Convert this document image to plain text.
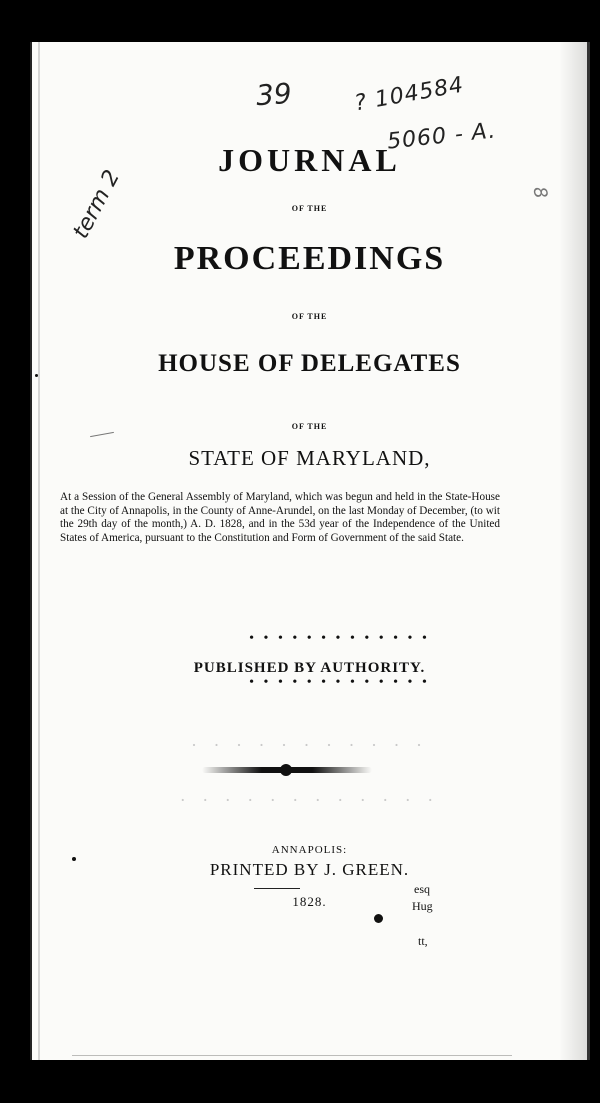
39	? 104584
5060 - A.
term 2	8
JOURNAL
OF THE
PROCEEDINGS
OF THE
HOUSE OF DELEGATES
OF THE
STATE OF MARYLAND,
At a Session of the General Assembly of Maryland, which was begun and held in the State-House at the City of Annapolis, in the County of Anne-Arundel, on the last Monday of December, (to wit the 29th day of the month,) A. D. 1828, and in the 53d year of the Independence of the United States of America, pursuant to the Constitution and Form of Government of the said State.
• • • • • • • • • • • • •
PUBLISHED BY AUTHORITY.
• • • • • • • • • • • • •
· · · · · · · · · · ·
· · · · · · · · · · · ·
ANNAPOLIS:
PRINTED BY J. GREEN.
1828.
esq
Hug
tt,
